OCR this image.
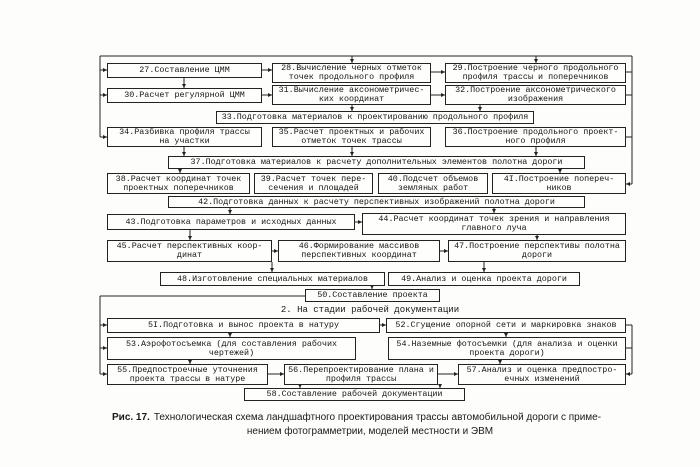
27.Составление ЦММ	28.Вычисление черных отметок
точек продольного профиля
29.Построение черного продольного
профиля трассы и поперечников
30.Расчет регулярной ЦММ	31.Вычисление аксонометричес-
ких координат
32.Построение аксонометрического
изображения
33.Подготовка материалов к проектированию продольного профиля
34.Разбивка профиля трассы
на участки
35.Расчет проектных и рабочих
отметок точек трассы
36.Построение продольного проект-
ного профиля
37.Подготовка материалов к расчету дополнительных элементов полотна дороги
38.Расчет координат точек
проектных поперечников
39.Расчет точек пере-
сечения и площадей
40.Подсчет объемов
земляных работ
4I.Построение попереч-
ников
42.Подготовка данных к расчету перспективных изображений полотна дороги
43.Подготовка параметров и исходных данных	44.Расчет координат точек зрения и направления
главного луча
45.Расчет перспективных коор-
динат
46.Формирование массивов
перспективных координат
47.Построение перспективы полотна
дороги
48.Изготовление специальных материалов	49.Анализ и оценка проекта дороги
50.Составление проекта
2. На стадии рабочей документации
5I.Подготовка и вынос проекта в натуру	52.Сгущение опорной сети и маркировка знаков
53.Аэрофотосъемка (для составления рабочих
чертежей)
54.Наземные фотосъемки (для анализа и оценки
проекта дороги)
55.Предпостроечные уточнения
проекта трассы в натуре
56.Перепроектирование плана и
профиля трассы
57.Анализ и оценка предпостро-
ечных изменений
58.Составление рабочей документации
Рис. 17. Технологическая схема ландшафтного проектирования трассы автомобильной дороги с приме-
нением фотограмметрии, моделей местности и ЭВМ
